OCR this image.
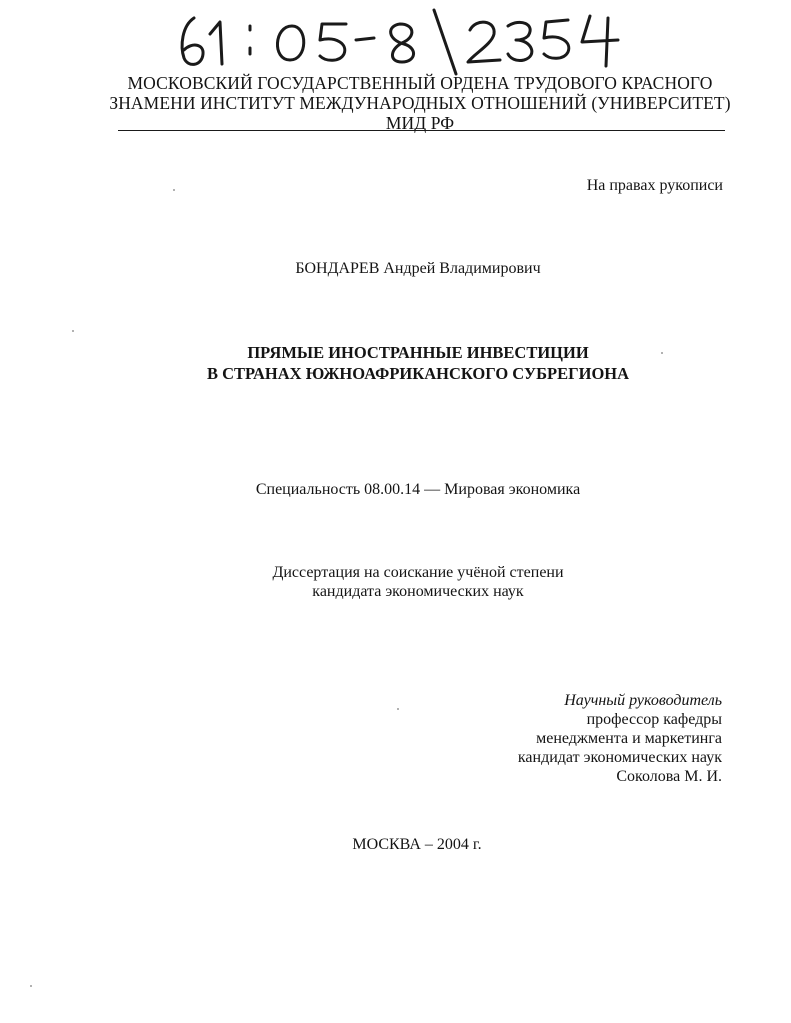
МОСКОВСКИЙ ГОСУДАРСТВЕННЫЙ ОРДЕНА ТРУДОВОГО КРАСНОГО
ЗНАМЕНИ ИНСТИТУТ МЕЖДУНАРОДНЫХ ОТНОШЕНИЙ (УНИВЕРСИТЕТ)
МИД РФ
На правах рукописи
БОНДАРЕВ Андрей Владимирович
ПРЯМЫЕ ИНОСТРАННЫЕ ИНВЕСТИЦИИ
В СТРАНАХ ЮЖНОАФРИКАНСКОГО СУБРЕГИОНА
Специальность 08.00.14 — Мировая экономика
Диссертация на соискание учёной степени
кандидата экономических наук
Научный руководитель
профессор кафедры
менеджмента и маркетинга
кандидат экономических наук
Соколова М. И.
МОСКВА – 2004 г.
